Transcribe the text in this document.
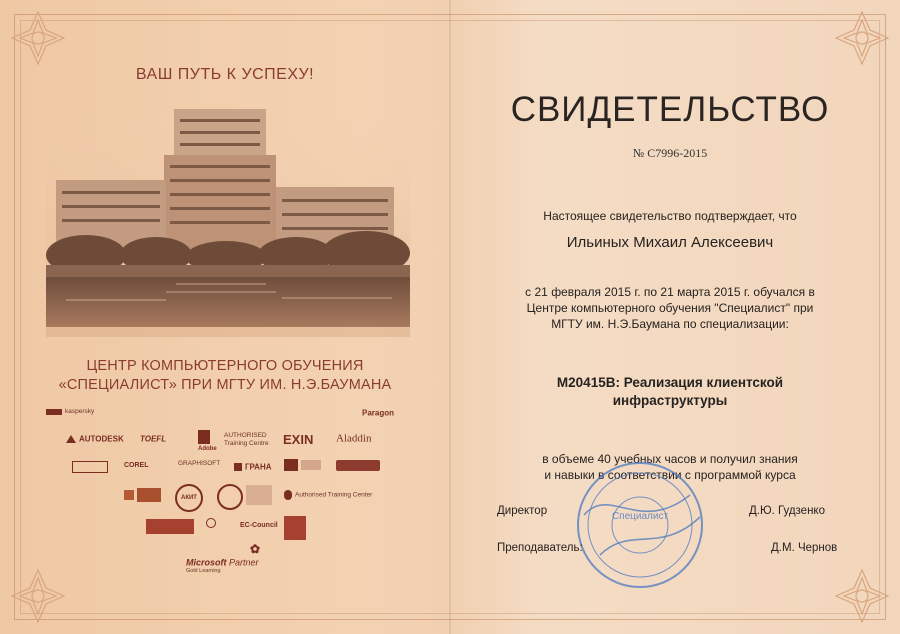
ВАШ ПУТЬ К УСПЕХУ!
ЦЕНТР КОМПЬЮТЕРНОГО ОБУЧЕНИЯ
«СПЕЦИАЛИСТ» ПРИ МГТУ ИМ. Н.Э.БАУМАНА
kaspersky	Paragon
AUTODESK TOEFL
Adobe
AUTHORISED
Training Centre EXIN Aladdin
COREL	GRAPHISOFT	ГРАНА
АКИТ	Authorised Training Center
EC-Council
✿
Microsoft Partner
Gold Learning
СВИДЕТЕЛЬСТВО
№ С7996-2015
Настоящее свидетельство подтверждает, что
Ильиных Михаил Алексеевич
с 21 февраля 2015 г. по 21 марта 2015 г. обучался в
Центре компьютерного обучения "Специалист" при
МГТУ им. Н.Э.Баумана по специализации:
M20415B: Реализация клиентской
инфраструктуры
в объеме 40 учебных часов и получил знания
и навыки в соответствии с программой курса
Специалист
Директор	Д.Ю. Гудзенко
Преподаватель:	Д.М. Чернов
